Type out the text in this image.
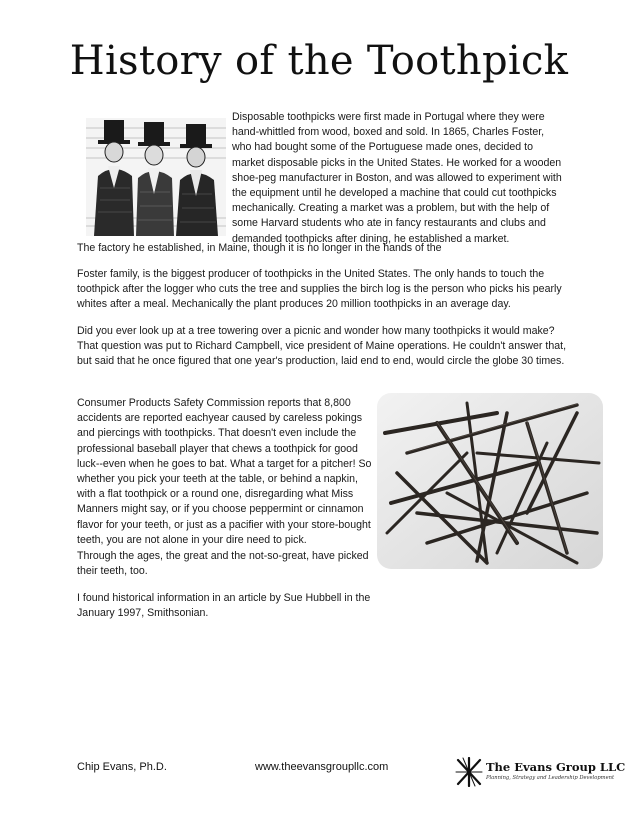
History of the Toothpick

Disposable toothpicks were first made in Portugal where they were hand-whittled from wood, boxed and sold. In 1865, Charles Foster, who had bought some of the Portuguese made ones, decided to market disposable picks in the United States. He worked for a wooden shoe-peg manufacturer in Boston, and was allowed to experiment with the equipment until he developed a machine that could cut toothpicks mechanically. Creating a market was a problem, but with the help of some Harvard students who ate in fancy restaurants and clubs and demanded toothpicks after dining, he established a market.

The factory he established, in Maine, though it is no longer in the hands of the

Foster family, is the biggest producer of toothpicks in the United States. The only hands to touch the toothpick after the logger who cuts the tree and supplies the birch log is the person who picks his pearly whites after a meal. Mechanically the plant produces 20 million toothpicks in an average day.

Did you ever look up at a tree towering over a picnic and wonder how many toothpicks it would make? That question was put to Richard Campbell, vice president of Maine operations. He couldn't answer that, but said that he once figured that one year's production, laid end to end, would circle the globe 30 times.

Consumer Products Safety Commission reports that 8,800 accidents are reported eachyear caused by careless pokings and piercings with toothpicks. That doesn't even include the professional baseball player that chews a toothpick for good luck--even when he goes to bat. What a target for a pitcher! So whether you pick your teeth at the table, or behind a napkin, with a flat toothpick or a round one, disregarding what Miss Manners might say, or if you choose peppermint or cinnamon flavor for your teeth, or just as a pacifier with your store-bought teeth, you are not alone in your dire need to pick.

Through the ages, the great and the not-so-great, have picked their teeth, too.

I found historical information in an article by Sue Hubbell in the January 1997, Smithsonian.

Chip Evans, Ph.D.	www.theevansgroupllc.com	The Evans Group LLC
Planning, Strategy and Leadership Development
